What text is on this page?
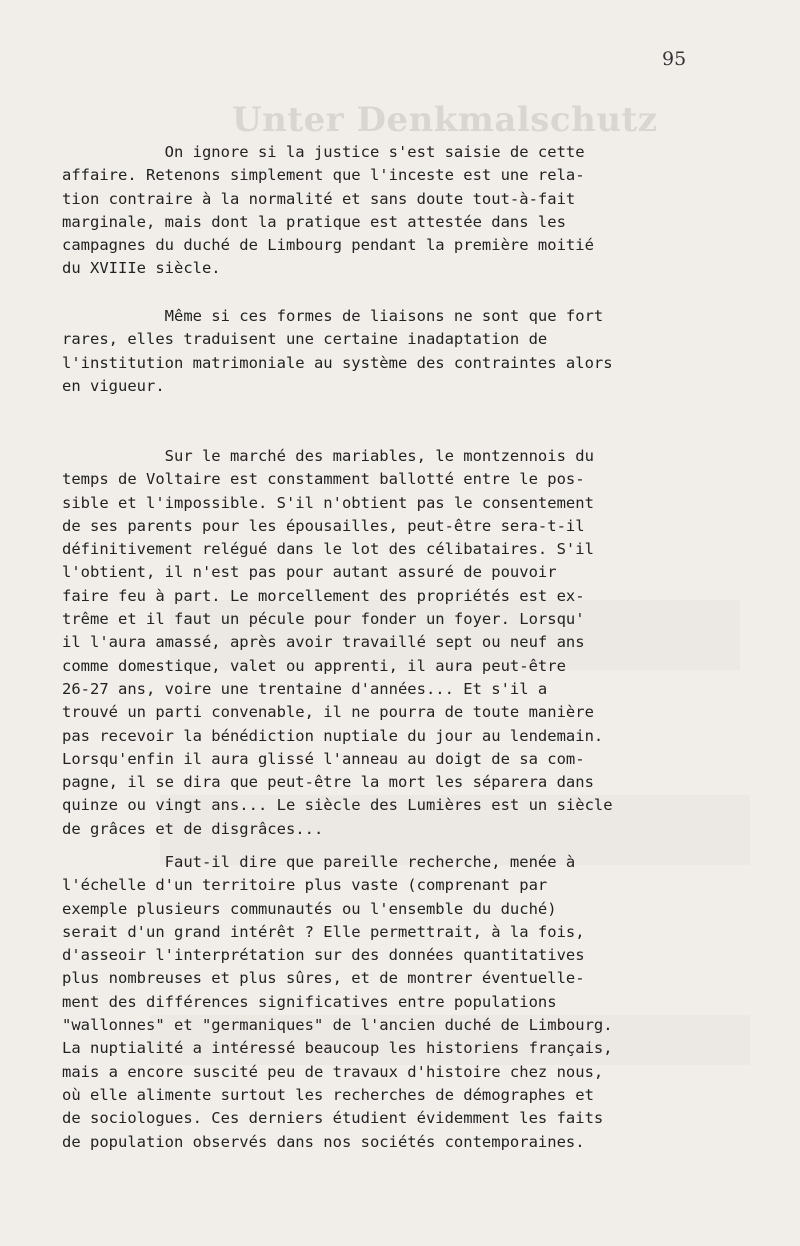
Unter Denkmalschutz
95

On ignore si la justice s'est saisie de cette
affaire. Retenons simplement que l'inceste est une rela-
tion contraire à la normalité et sans doute tout-à-fait
marginale, mais dont la pratique est attestée dans les
campagnes du duché de Limbourg pendant la première moitié
du XVIIIe siècle.

Même si ces formes de liaisons ne sont que fort
rares, elles traduisent une certaine inadaptation de
l'institution matrimoniale au système des contraintes alors
en vigueur.

Sur le marché des mariables, le montzennois du
temps de Voltaire est constamment ballotté entre le pos-
sible et l'impossible. S'il n'obtient pas le consentement
de ses parents pour les épousailles, peut-être sera-t-il
définitivement relégué dans le lot des célibataires. S'il
l'obtient, il n'est pas pour autant assuré de pouvoir
faire feu à part. Le morcellement des propriétés est ex-
trême et il faut un pécule pour fonder un foyer. Lorsqu'
il l'aura amassé, après avoir travaillé sept ou neuf ans
comme domestique, valet ou apprenti, il aura peut-être
26-27 ans, voire une trentaine d'années... Et s'il a
trouvé un parti convenable, il ne pourra de toute manière
pas recevoir la bénédiction nuptiale du jour au lendemain.
Lorsqu'enfin il aura glissé l'anneau au doigt de sa com-
pagne, il se dira que peut-être la mort les séparera dans
quinze ou vingt ans... Le siècle des Lumières est un siècle
de grâces et de disgrâces...

Faut-il dire que pareille recherche, menée à
l'échelle d'un territoire plus vaste (comprenant par
exemple plusieurs communautés ou l'ensemble du duché)
serait d'un grand intérêt ? Elle permettrait, à la fois,
d'asseoir l'interprétation sur des données quantitatives
plus nombreuses et plus sûres, et de montrer éventuelle-
ment des différences significatives entre populations
"wallonnes" et "germaniques" de l'ancien duché de Limbourg.
La nuptialité a intéressé beaucoup les historiens français,
mais a encore suscité peu de travaux d'histoire chez nous,
où elle alimente surtout les recherches de démographes et
de sociologues. Ces derniers étudient évidemment les faits
de population observés dans nos sociétés contemporaines.
